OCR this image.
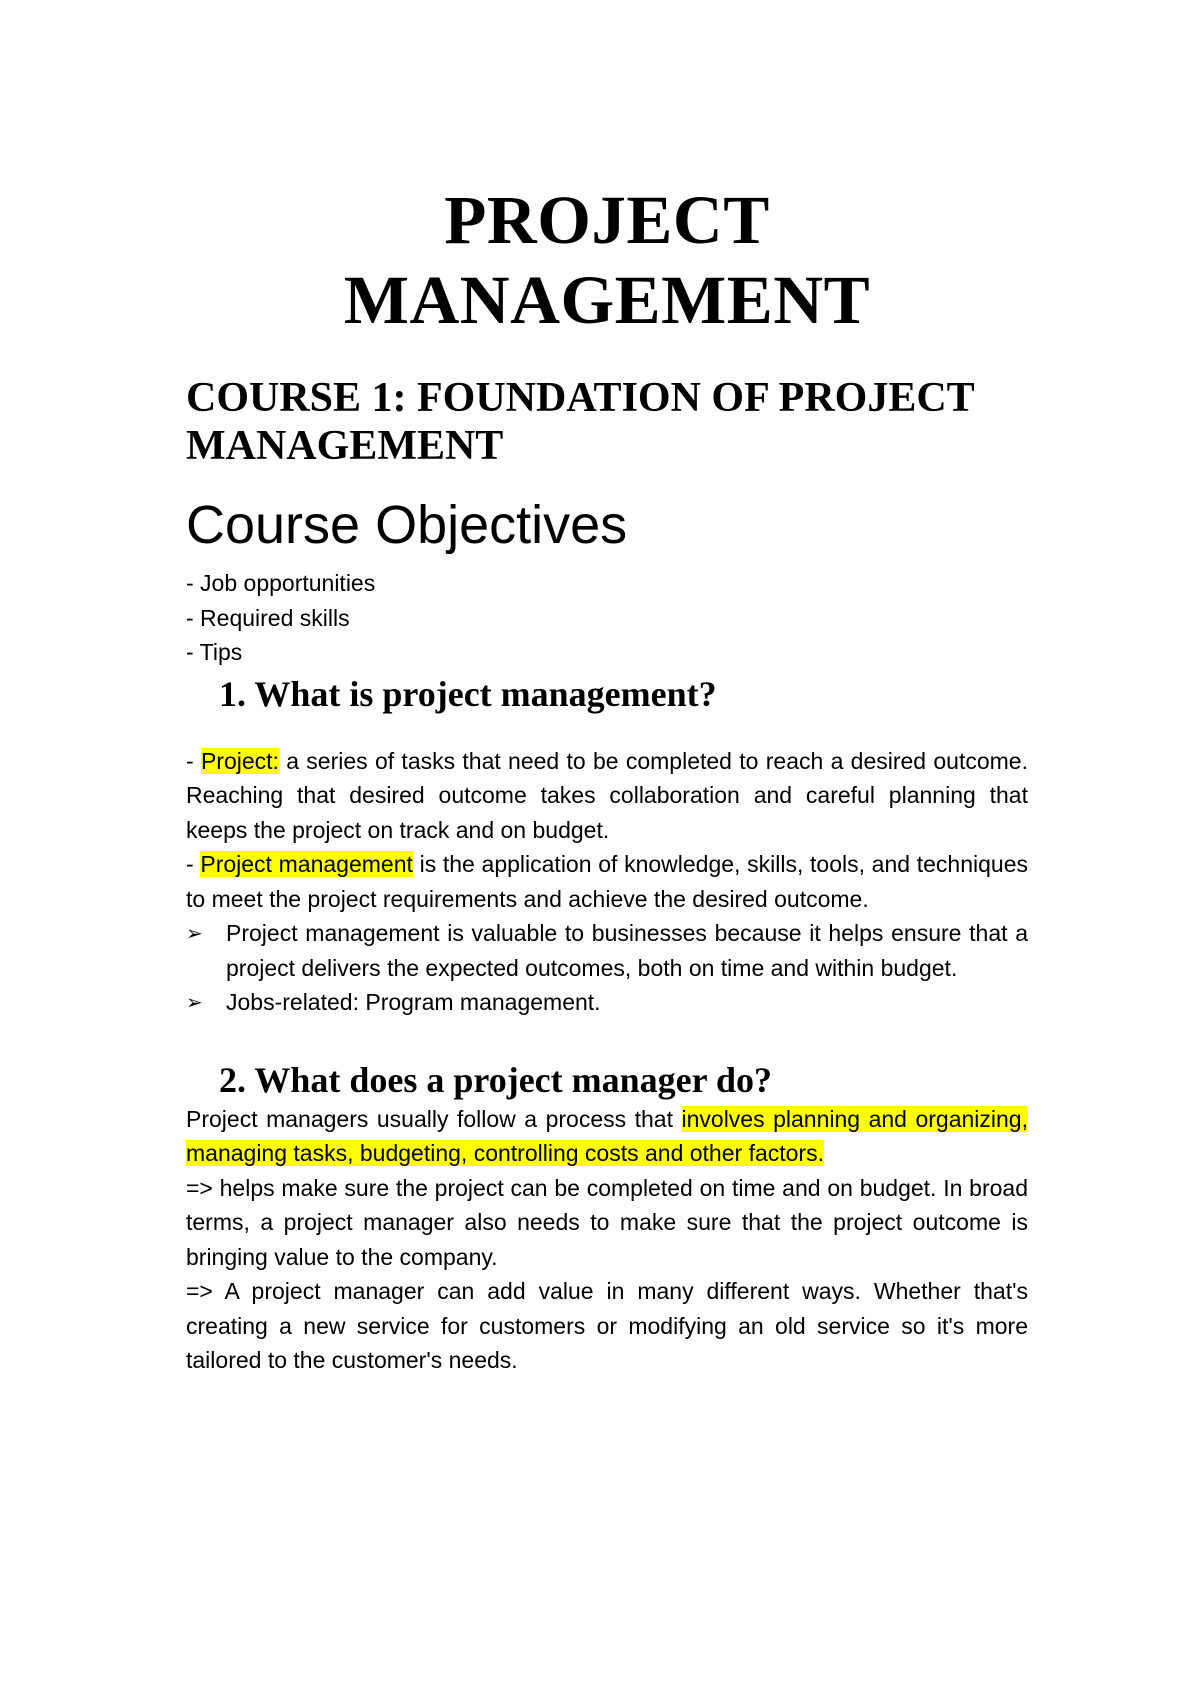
PROJECT
MANAGEMENT
COURSE 1: FOUNDATION OF PROJECT MANAGEMENT
Course Objectives

- Job opportunities

- Required skills

- Tips

1. What is project management?

- Project: a series of tasks that need to be completed to reach a desired outcome. Reaching that desired outcome takes collaboration and careful planning that keeps the project on track and on budget.

- Project management is the application of knowledge, skills, tools, and techniques to meet the project requirements and achieve the desired outcome.

➢	Project management is valuable to businesses because it helps ensure that a project delivers the expected outcomes, both on time and within budget.
➢	Jobs-related: Program management.
2. What does a project manager do?

Project managers usually follow a process that involves planning and organizing, managing tasks, budgeting, controlling costs and other factors.

=> helps make sure the project can be completed on time and on budget. In broad terms, a project manager also needs to make sure that the project outcome is bringing value to the company.

=> A project manager can add value in many different ways. Whether that's creating a new service for customers or modifying an old service so it's more tailored to the customer's needs.
